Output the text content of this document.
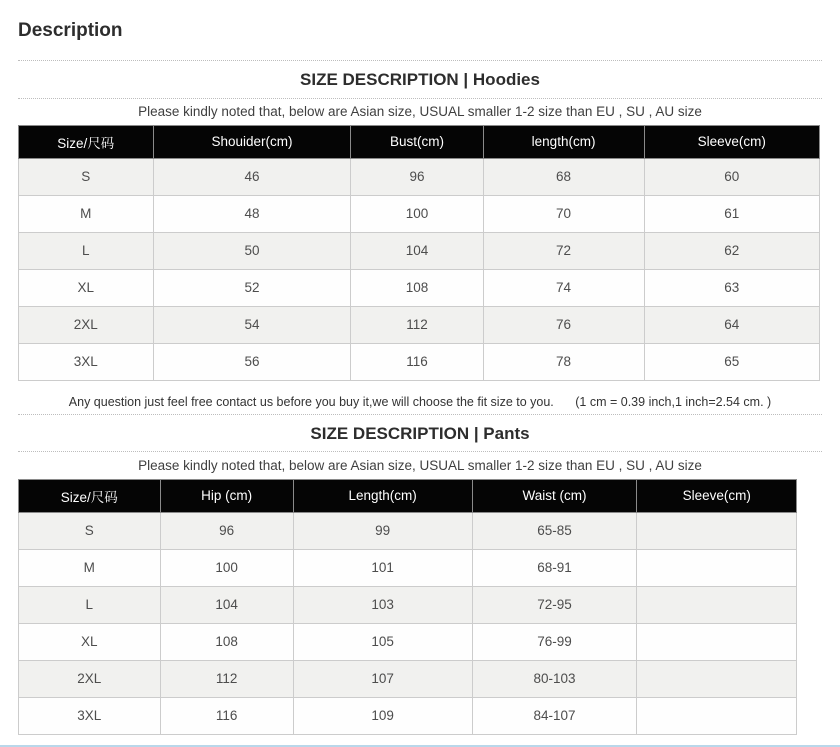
Description
SIZE DESCRIPTION | Hoodies

Please kindly noted that, below are Asian size, USUAL smaller 1-2 size than EU , SU , AU size

Size/尺码	Shouider(cm)	Bust(cm)	length(cm)	Sleeve(cm)
S	46	96	68	60
M	48	100	70	61
L	50	104	72	62
XL	52	108	74	63
2XL	54	112	76	64
3XL	56	116	78	65

Any question just feel free contact us before you buy it,we will choose the fit size to you. (1 cm = 0.39 inch,1 inch=2.54 cm. )

SIZE DESCRIPTION | Pants

Please kindly noted that, below are Asian size, USUAL smaller 1-2 size than EU , SU , AU size

Size/尺码	Hip (cm)	Length(cm)	Waist (cm)	Sleeve(cm)
S	96	99	65-85	
M	100	101	68-91	
L	104	103	72-95	
XL	108	105	76-99	
2XL	112	107	80-103	
3XL	116	109	84-107	
